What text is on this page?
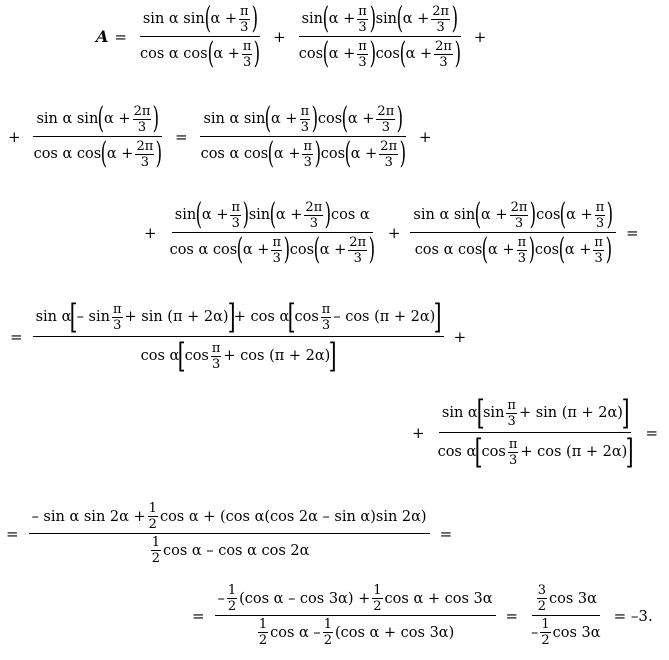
$A = \frac{\sin \alpha \sin ( \alpha + \frac{\pi}{3} )}{\cos \alpha \cos ( \alpha + \frac{\pi}{3} )} + \frac{\sin ( \alpha + \frac{\pi}{3} ) \sin ( \alpha + \frac{2\pi}{3} )}{\cos ( \alpha + \frac{\pi}{3} ) \cos ( \alpha + \frac{2\pi}{3} )}$ +
+ $\frac{\sin \alpha \sin ( \alpha + \frac{2\pi}{3} )}{\cos \alpha \cos ( \alpha + \frac{2\pi}{3} )} = \frac{\sin \alpha \sin ( \alpha + \frac{\pi}{3} ) \cos ( \alpha + \frac{2\pi}{3} )}{\cos \alpha \cos ( \alpha + \frac{\pi}{3} ) \cos ( \alpha + \frac{2\pi}{3} )}$ +
+ $\frac{\sin ( \alpha + \frac{\pi}{3} ) \sin ( \alpha + \frac{2\pi}{3} ) \cos \alpha}{\cos \alpha \cos ( \alpha + \frac{\pi}{3} ) \cos ( \alpha + \frac{2\pi}{3} )} + \frac{\sin \alpha \sin ( \alpha + \frac{2\pi}{3} ) \cos ( \alpha + \frac{\pi}{3} )}{\cos \alpha \cos ( \alpha + \frac{\pi}{3} ) \cos ( \alpha + \frac{\pi}{3} )}$ =
=
sin α
[
– sin π
3 + sin (π + 2α)
]
+ cos α
[
cos π
3 – cos (π + 2α)
]
cos α
[
cos π
3 + cos (π + 2α)
]	+
+
sin α
[
sin π
3 + sin (π + 2α)
]
cos α
[
cos π
3 + cos (π + 2α)
] =
=
– sin α $\sin 2\alpha + \frac{1}{2}$ cos α + (cos α(cos 2α – sin α)sin 2α)
1
2 cos α – cos α cos 2α
=
=
– 1
2 (cos $\alpha - \cos 3\alpha) + \frac{1}{2}$ cos α + cos 3α
1
2 cos α – 1
2 (cos α + cos 3α)
= 3
2 cos 3α
– 1
2 cos 3α = –3.
